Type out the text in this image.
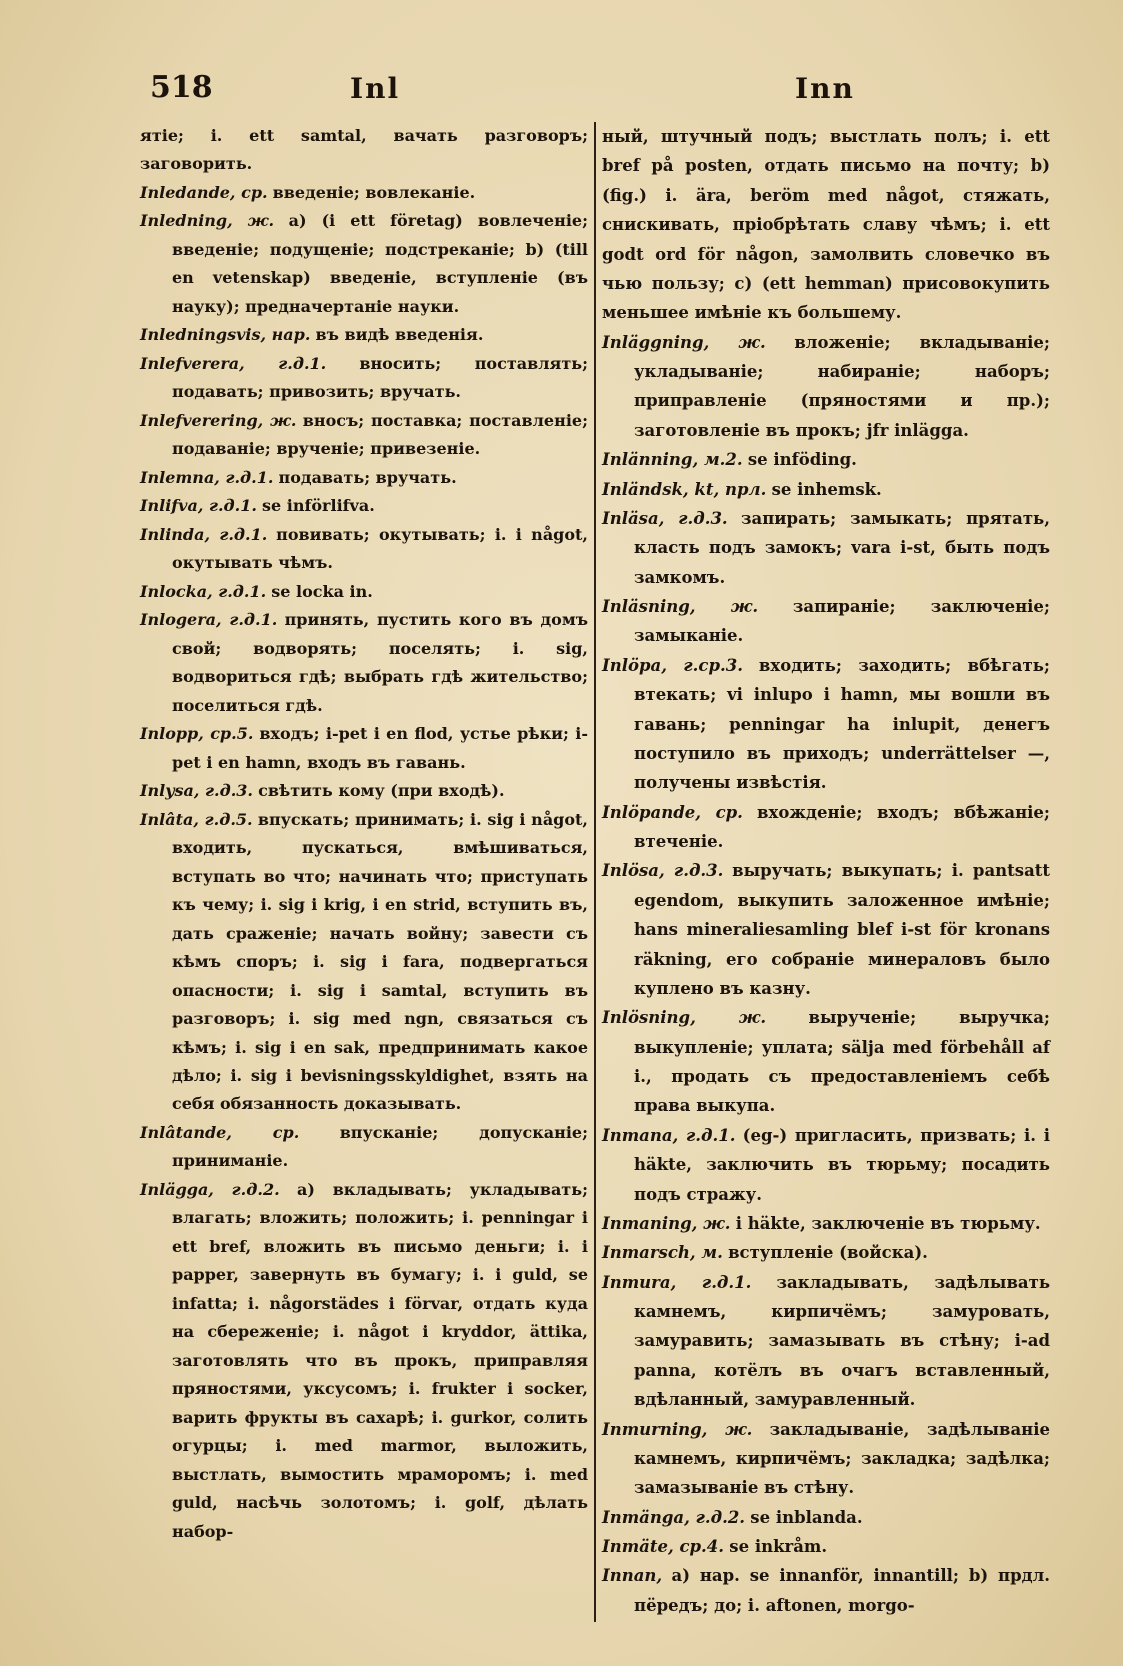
518	Inl	Inn

ятіе; i. ett samtal, вачать разговоръ; заговорить.

Inledande, ср. введеніе; вовлеканіе.

Inledning, ж. a) (i ett företag) вовлеченіе; введеніе; подущеніе; подстреканіе; b) (till en vetenskap) введеніе, вступленіе (въ науку); предначертаніе науки.

Inledningsvis, нар. въ видѣ введенія.

Inlefverera, г.д.1. вносить; поставлять; подавать; привозить; вручать.

Inlefverering, ж. вносъ; поставка; поставленіе; подаваніе; врученіе; привезеніе.

Inlemna, г.д.1. подавать; вручать.

Inlifva, г.д.1. se införlifva.

Inlinda, г.д.1. повивать; окутывать; i. i något, окутывать чѣмъ.

Inlocka, г.д.1. se locka in.

Inlogera, г.д.1. принять, пустить кого въ домъ свой; водворять; поселять; i. sig, водвориться гдѣ; выбрать гдѣ жительство; поселиться гдѣ.

Inlopp, ср.5. входъ; i-pet i en flod, устье рѣки; i-pet i en hamn, входъ въ гавань.

Inlysa, г.д.3. свѣтить кому (при входѣ).

Inlâta, г.д.5. впускать; принимать; i. sig i något, входить, пускаться, вмѣшиваться, вступать во что; начинать что; приступать къ чему; i. sig i krig, i en strid, вступить въ, дать сраженіе; начать войну; завести съ кѣмъ споръ; i. sig i fara, подвергаться опасности; i. sig i samtal, вступить въ разговоръ; i. sig med ngn, связаться съ кѣмъ; i. sig i en sak, предпринимать какое дѣло; i. sig i bevisningsskyldighet, взять на себя обязанность доказывать.

Inlâtande, ср.	впусканіе; допусканіе; приниманіе.

Inlägga, г.д.2. a) вкладывать; укладывать; влагать; вложить; положить; i. penningar i ett bref, вложить въ письмо деньги; i. i papper, завернуть въ бумагу; i. i guld, se infatta; i. någorstädes i förvar, отдать куда на сбереженіе; i. något i kryddor, ättika, заготовлять что въ прокъ, приправляя пряностями, уксусомъ; i. frukter i socker, варить фрукты въ сахарѣ; i. gurkor, солить огурцы; i. med marmor, выложить, выстлать, вымостить мраморомъ; i. med guld, насѣчь золотомъ; i. golf, дѣлать набор-

ный, штучный подъ; выстлать полъ; i. ett bref på posten, отдать письмо на почту; b) (fig.) i. ära, beröm med något, стяжать, снискивать, пріобрѣтать славу чѣмъ; i. ett godt ord för någon, замолвить словечко въ чью пользу; c) (ett hemman) присовокупить меньшее имѣніе къ большему.

Inläggning, ж. вложеніе; вкладываніе; укладываніе; набираніе; наборъ; приправленіе (пряностями и пр.); заготовленіе въ прокъ; jfr inlägga.

Inlänning, м.2. se infödіng.

Inländsk, kt, прл. se inhemsk.

Inläsa, г.д.3. запирать; замыкать; прятать, класть подъ замокъ; vara i-st, быть подъ замкомъ.

Inläsning, ж. запираніе; заключеніе; замыканіе.

Inlöpa, г.ср.3. входить; заходить; вбѣгать; втекать; vi inlupo i hamn, мы вошли въ гавань; penningar ha inlupit, денегъ поступило въ приходъ; underrättelser —, получены извѣстія.

Inlöpande, ср. вхожденіе; входъ; вбѣжаніе; втеченіе.

Inlösa, г.д.3. выручать; выкупать; i. pantsatt egendom, выкупить заложенное имѣніе; hans mineraliesamling blef i-st för kronans räkning, его собраніе минераловъ было куплено въ казну.

Inlösning, ж.	вырученіе; выручка; выкупленіе; уплата; sälja med förbehåll af i., продать съ предоставленіемъ себѣ права выкупа.

Inmana, г.д.1. (eg-) пригласить, призвать; i. i häkte, заключить въ тюрьму; посадить подъ стражу.

Inmaning, ж. i häkte, заключеніе въ тюрьму.

Inmarsch, м. вступленіе (войска).

Inmura, г.д.1. закладывать, задѣлывать камнемъ, кирпичёмъ; замуровать, замуравить; замазывать въ стѣну; i-ad panna, котёлъ въ очагъ вставленный, вдѣланный, замуравленный.

Inmurning, ж. закладываніе, задѣлываніе камнемъ, кирпичёмъ; закладка; задѣлка; замазываніе въ стѣну.

Inmänga, г.д.2. se inblanda.

Inmäte, ср.4. se inkråm.

Innan, a) нар. se innanför, innantill; b) прдл. пёредъ; до; i. aftonen, morgo-
